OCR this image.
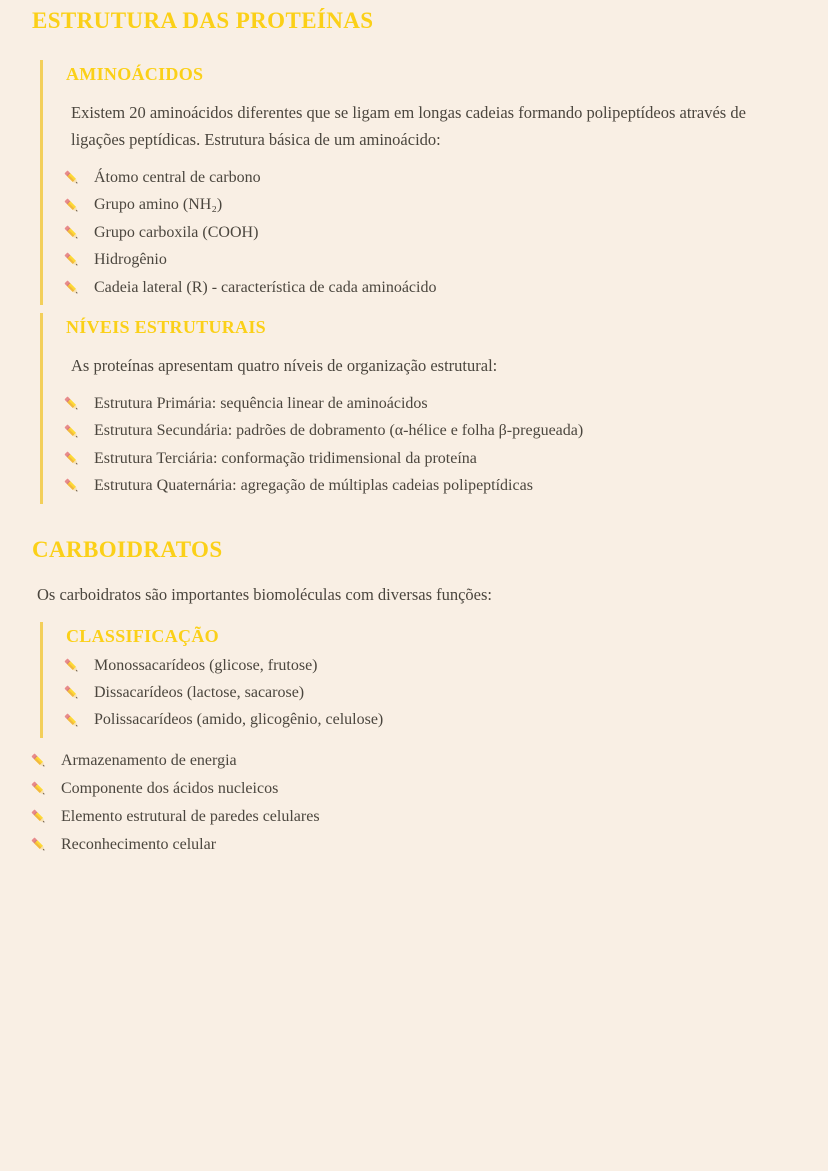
ESTRUTURA DAS PROTEÍNAS
AMINOÁCIDOS

Existem 20 aminoácidos diferentes que se ligam em longas cadeias formando polipeptídeos através de ligações peptídicas. Estrutura básica de um aminoácido:

Átomo central de carbono
Grupo amino (NH₂)
Grupo carboxila (COOH)
Hidrogênio
Cadeia lateral (R) - característica de cada aminoácido
NÍVEIS ESTRUTURAIS

As proteínas apresentam quatro níveis de organização estrutural:

Estrutura Primária: sequência linear de aminoácidos
Estrutura Secundária: padrões de dobramento (α-hélice e folha β-pregueada)
Estrutura Terciária: conformação tridimensional da proteína
Estrutura Quaternária: agregação de múltiplas cadeias polipeptídicas
CARBOIDRATOS

Os carboidratos são importantes biomoléculas com diversas funções:

CLASSIFICAÇÃO
Monossacarídeos (glicose, frutose)
Dissacarídeos (lactose, sacarose)
Polissacarídeos (amido, glicogênio, celulose)
Armazenamento de energia
Componente dos ácidos nucleicos
Elemento estrutural de paredes celulares
Reconhecimento celular
